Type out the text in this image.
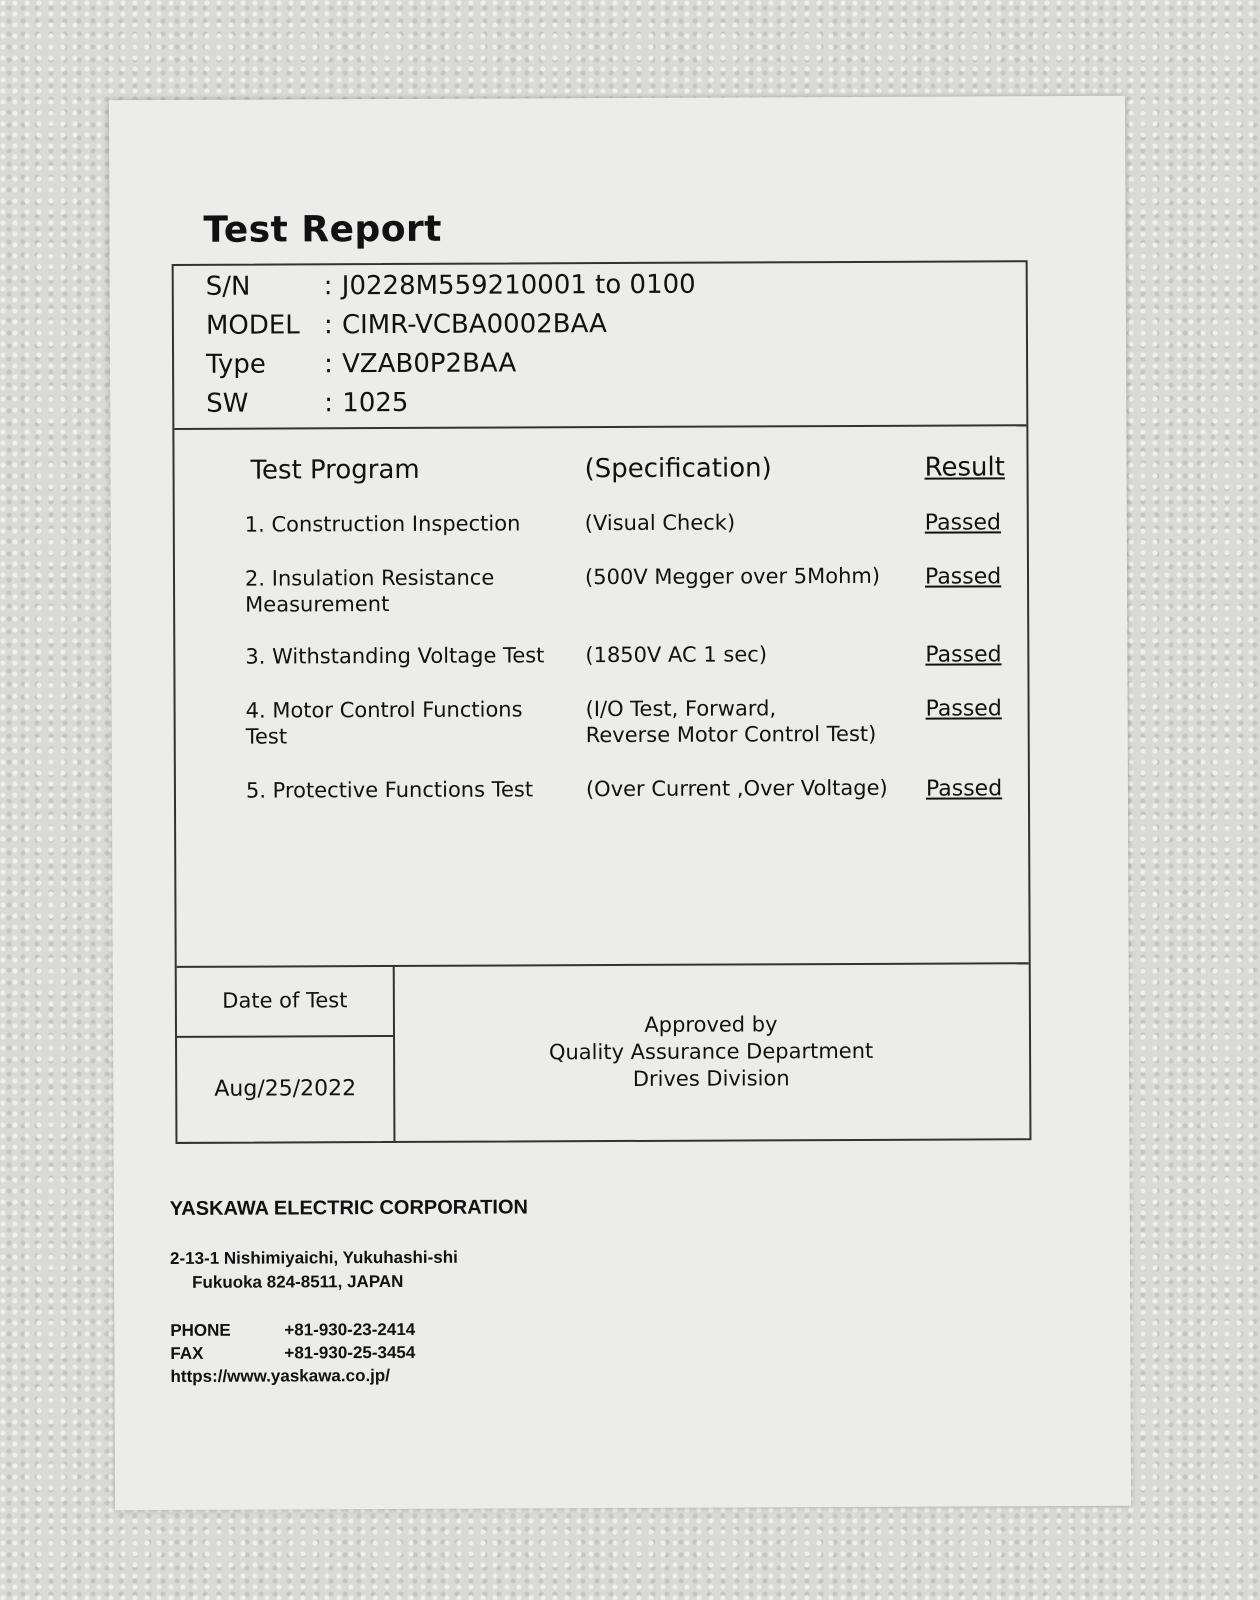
Test Report
S/N	: J0228M559210001 to 0100
MODEL : CIMR-VCBA0002BAA
Type	: VZAB0P2BAA
SW	: 1025
Test Program	(Specification)	Result
1. Construction Inspection	(Visual Check)	Passed
2. Insulation Resistance
Measurement
(500V Megger over 5Mohm) Passed
3. Withstanding Voltage Test (1850V AC 1 sec)	Passed
4. Motor Control Functions
Test
(I/O Test, Forward,
Reverse Motor Control Test)
Passed
5. Protective Functions Test	(Over Current ,Over Voltage) Passed
Date of Test
Aug/25/2022
Approved by
Quality Assurance Department
Drives Division
YASKAWA ELECTRIC CORPORATION
2-13-1 Nishimiyaichi, Yukuhashi-shi
Fukuoka 824-8511, JAPAN
PHONE	+81-930-23-2414
FAX	+81-930-25-3454
https://www.yaskawa.co.jp/
